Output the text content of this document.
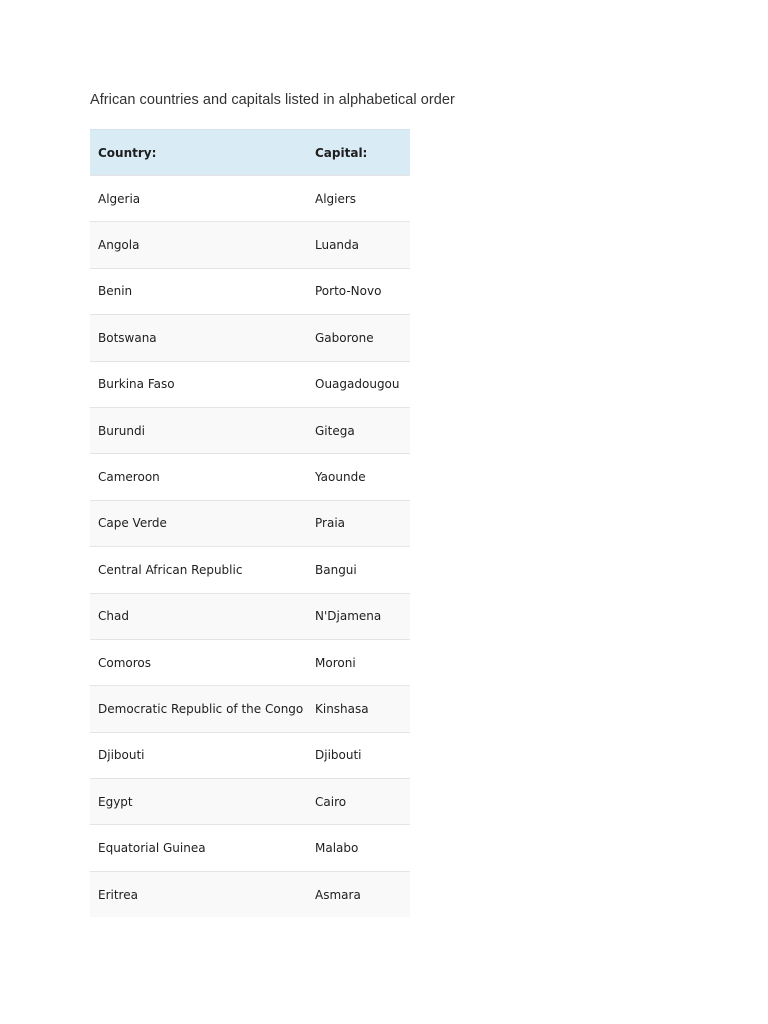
African countries and capitals listed in alphabetical order

Country:	Capital:
Algeria	Algiers
Angola	Luanda
Benin	Porto-Novo
Botswana	Gaborone
Burkina Faso	Ouagadougou
Burundi	Gitega
Cameroon	Yaounde
Cape Verde	Praia
Central African Republic	Bangui
Chad	N'Djamena
Comoros	Moroni
Democratic Republic of the Congo	Kinshasa
Djibouti	Djibouti
Egypt	Cairo
Equatorial Guinea	Malabo
Eritrea	Asmara
